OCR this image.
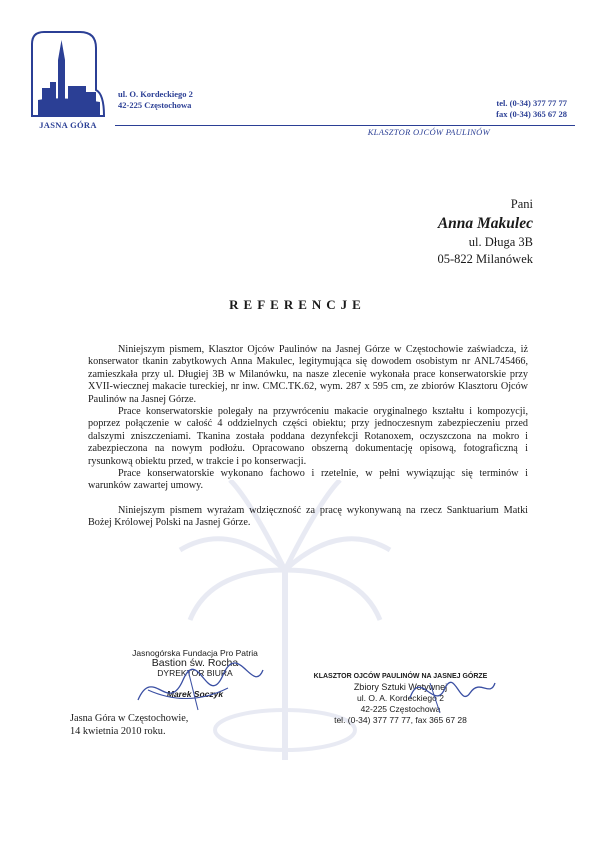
JASNA GÓRA
ul. O. Kordeckiego 2
42-225 Częstochowa	tel. (0-34) 377 77 77
fax (0-34) 365 67 28
KLASZTOR OJCÓW PAULINÓW
Pani
Anna Makulec
ul. Długa 3B
05-822 Milanówek
REFERENCJE

Niniejszym pismem, Klasztor Ojców Paulinów na Jasnej Górze w Częstochowie zaświadcza, iż konserwator tkanin zabytkowych Anna Makulec, legitymująca się dowodem osobistym nr ANL745466, zamieszkała przy ul. Długiej 3B w Milanówku, na nasze zlecenie wykonała prace konserwatorskie przy XVII-wiecznej makacie tureckiej, nr inw. CMC.TK.62, wym. 287 x 595 cm, ze zbiorów Klasztoru Ojców Paulinów na Jasnej Górze.

Prace konserwatorskie polegały na przywróceniu makacie oryginalnego kształtu i kompozycji, poprzez połączenie w całość 4 oddzielnych części obiektu; przy jednoczesnym zabezpieczeniu przed dalszymi zniszczeniami. Tkanina została poddana dezynfekcji Rotanoxem, oczyszczona na mokro i zabezpieczona na nowym podłożu. Opracowano obszerną dokumentację opisową, fotograficzną i rysunkową obiektu przed, w trakcie i po konserwacji.

Prace konserwatorskie wykonano fachowo i rzetelnie, w pełni wywiązując się terminów i warunków zawartej umowy.

Niniejszym pismem wyrażam wdzięczność za pracę wykonywaną na rzecz Sanktuarium Matki Bożej Królowej Polski na Jasnej Górze.

Jasnogórska Fundacja Pro Patria
Bastion św. Rocha
DYREKTOR BIURA
Marek Soczyk
KLASZTOR OJCÓW PAULINÓW NA JASNEJ GÓRZE
Zbiory Sztuki Wotywnej
ul. O. A. Kordeckiego 2
42-225 Częstochowa
tel. (0-34) 377 77 77, fax 365 67 28
Jasna Góra w Częstochowie,
14 kwietnia 2010 roku.
